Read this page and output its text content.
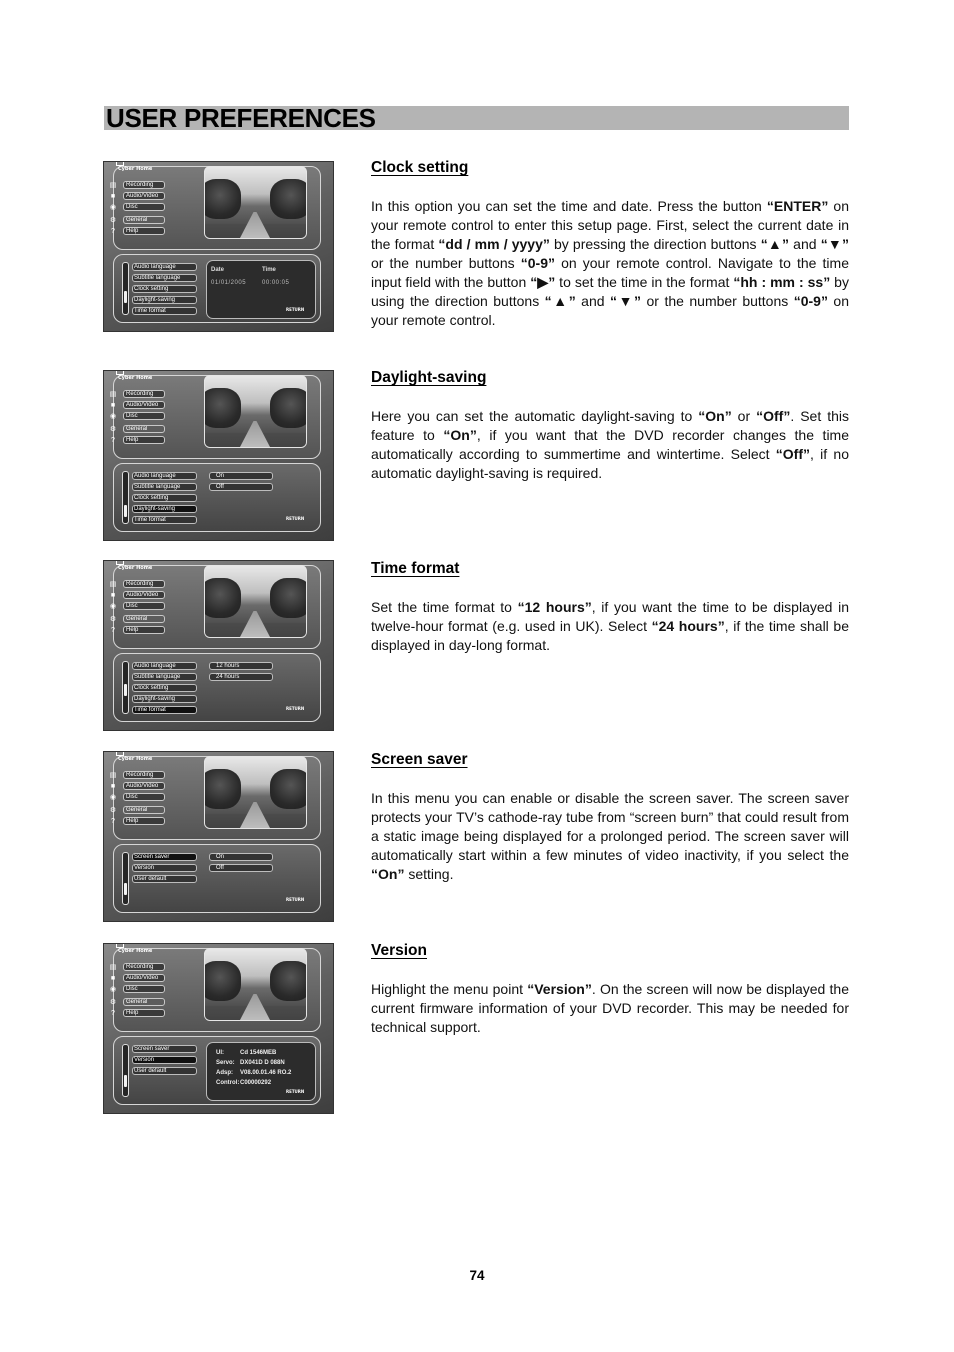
USER PREFERENCES
Cyber Home
▤	Recording
■	Audio/Video
◉	Disc
⚙	General
?	Help
Audio language
Subtitle language
Clock setting
Daylight-saving
Time format
Date	Time
01/01/2005	00:00:05
RETURN
Clock setting
In this option you can set the time and date. Press the button “ENTER” on your remote control to enter this setup page. First, select the current date in the format “dd / mm / yyyy” by pressing the direction buttons “▲” and “▼” or the number buttons “0-9” on your remote control. Navigate to the time input field with the button “▶” to set the time in the format “hh : mm : ss” by using the direction buttons “▲” and “▼” or the number buttons “0-9” on your remote control.
Cyber Home
▤	Recording
■	Audio/Video
◉	Disc
⚙	General
?	Help
Audio language
Subtitle language
Clock setting
Daylight-saving
Time format
On
Off
RETURN
Daylight-saving
Here you can set the automatic daylight-saving to “On” or “Off”. Set this feature to “On”, if you want that the DVD recorder changes the time automatically according to summertime and wintertime. Select “Off”, if no automatic daylight-saving is required.
Cyber Home
▤	Recording
■	Audio/Video
◉	Disc
⚙	General
?	Help
Audio language
Subtitle language
Clock setting
Daylight-saving
Time format
12 hours
24 hours
RETURN
Time format
Set the time format to “12 hours”, if you want the time to be displayed in twelve-hour format (e.g. used in UK). Select “24 hours”, if the time shall be displayed in day-long format.
Cyber Home
▤	Recording
■	Audio/Video
◉	Disc
⚙	General
?	Help
Screen saver
Version
User default
On
Off
RETURN
Screen saver
In this menu you can enable or disable the screen saver. The screen saver protects your TV’s cathode-ray tube from “screen burn” that could result from a static image being displayed for a prolonged period. The screen saver will automatically start within a few minutes of video inactivity, if you select the “On” setting.
Cyber Home
▤	Recording
■	Audio/Video
◉	Disc
⚙	General
?	Help
Screen saver
Version
User default
UI:	Cd 1546MEB
Servo: DX041D D 088N
Adsp: V08.00.01.46 RO.2
Control:C00000292
RETURN
Version
Highlight the menu point “Version”. On the screen will now be displayed the current firmware information of your DVD recorder. This may be needed for technical support.
74
